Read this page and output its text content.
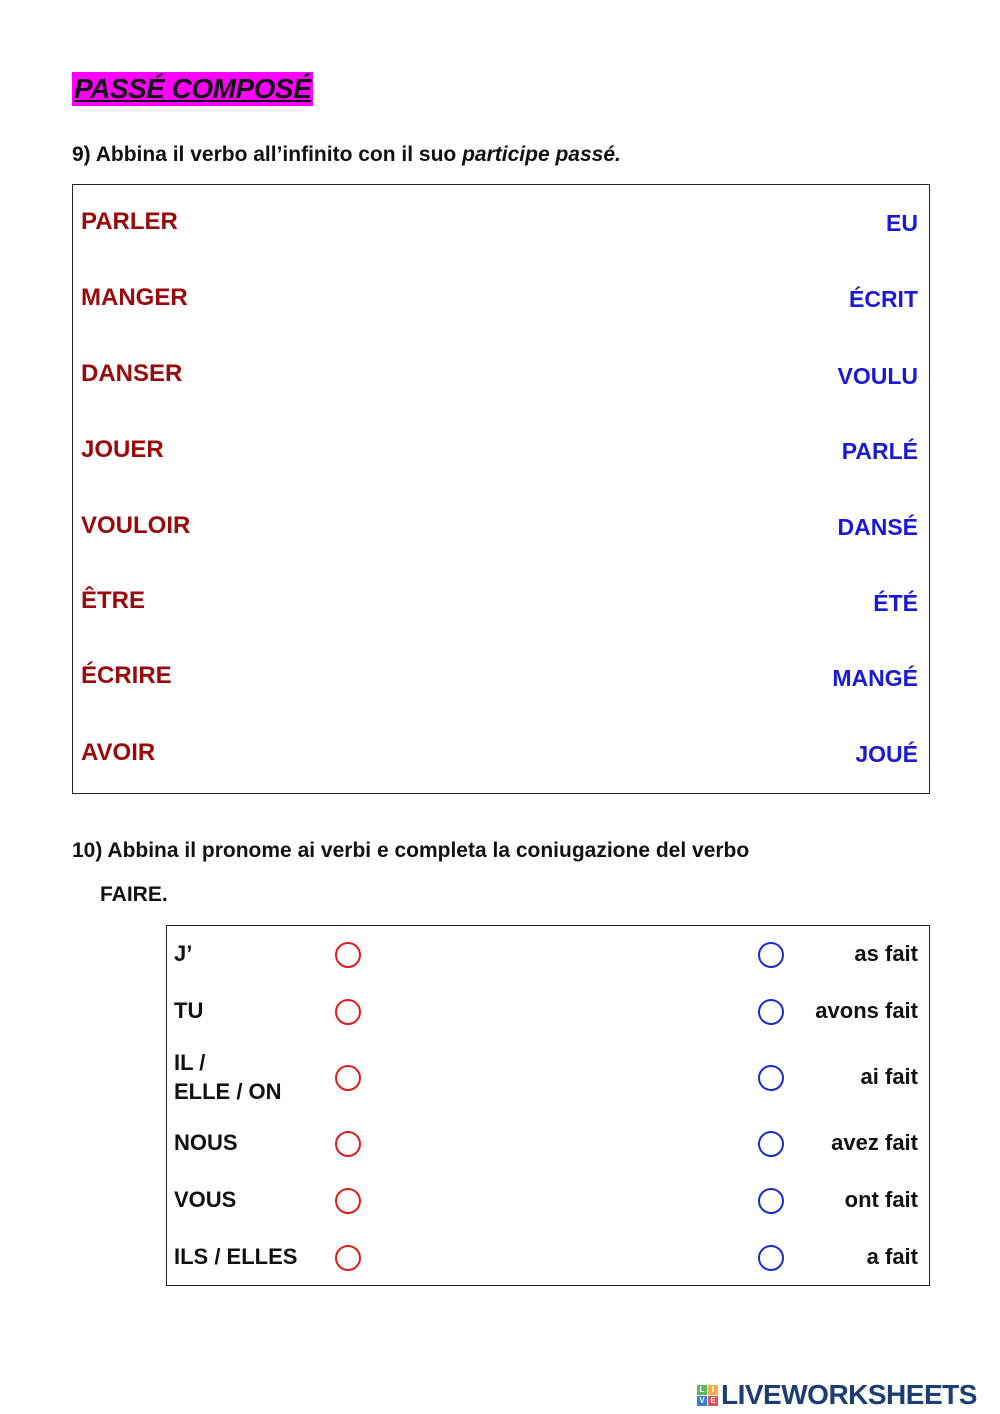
PASSÉ COMPOSÉ
9) Abbina il verbo all’infinito con il suo participe passé.
PARLER
MANGER
DANSER
JOUER
VOULOIR
ÊTRE
ÉCRIRE
AVOIR
EU
ÉCRIT
VOULU
PARLÉ
DANSÉ
ÉTÉ
MANGÉ
JOUÉ
10) Abbina il pronome ai verbi e completa la coniugazione del verbo
FAIRE.
J’
TU
IL /
ELLE / ON
NOUS
VOUS
ILS / ELLES
as fait
avons fait
ai fait
avez fait
ont fait
a fait
L I
V E LIVEWORKSHEETS
